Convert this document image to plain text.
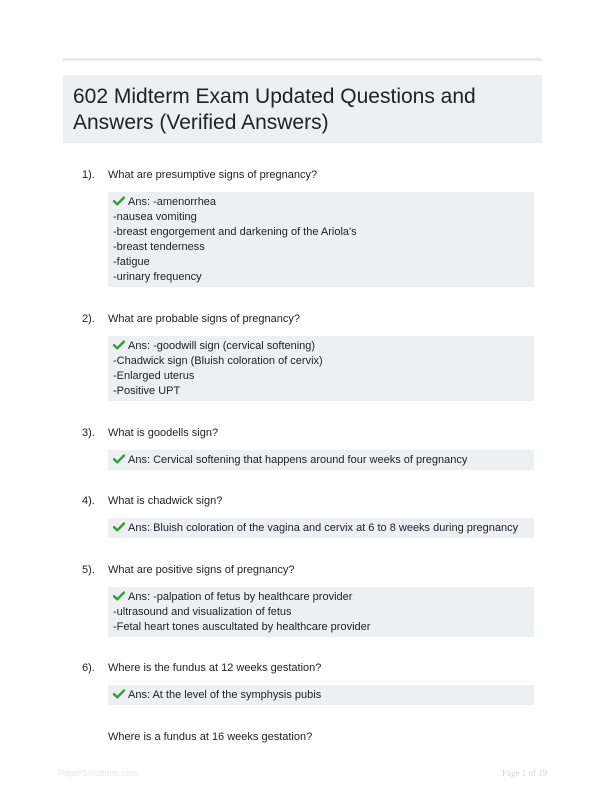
602 Midterm Exam Updated Questions and Answers (Verified Answers)
1). What are presumptive signs of pregnancy?
Ans: -amenorrhea
-nausea vomiting
-breast engorgement and darkening of the Ariola's
-breast tenderness
-fatigue
-urinary frequency
2). What are probable signs of pregnancy?
Ans: -goodwill sign (cervical softening)
-Chadwick sign (Bluish coloration of cervix)
-Enlarged uterus
-Positive UPT
3). What is goodells sign?
Ans: Cervical softening that happens around four weeks of pregnancy
4). What is chadwick sign?
Ans: Bluish coloration of the vagina and cervix at 6 to 8 weeks during pregnancy
5). What are positive signs of pregnancy?
Ans: -palpation of fetus by healthcare provider
-ultrasound and visualization of fetus
-Fetal heart tones auscultated by healthcare provider
6). Where is the fundus at 12 weeks gestation?
Ans: At the level of the symphysis pubis
Where is a fundus at 16 weeks gestation?
PaperSolutions.com	Page 1 of 19
